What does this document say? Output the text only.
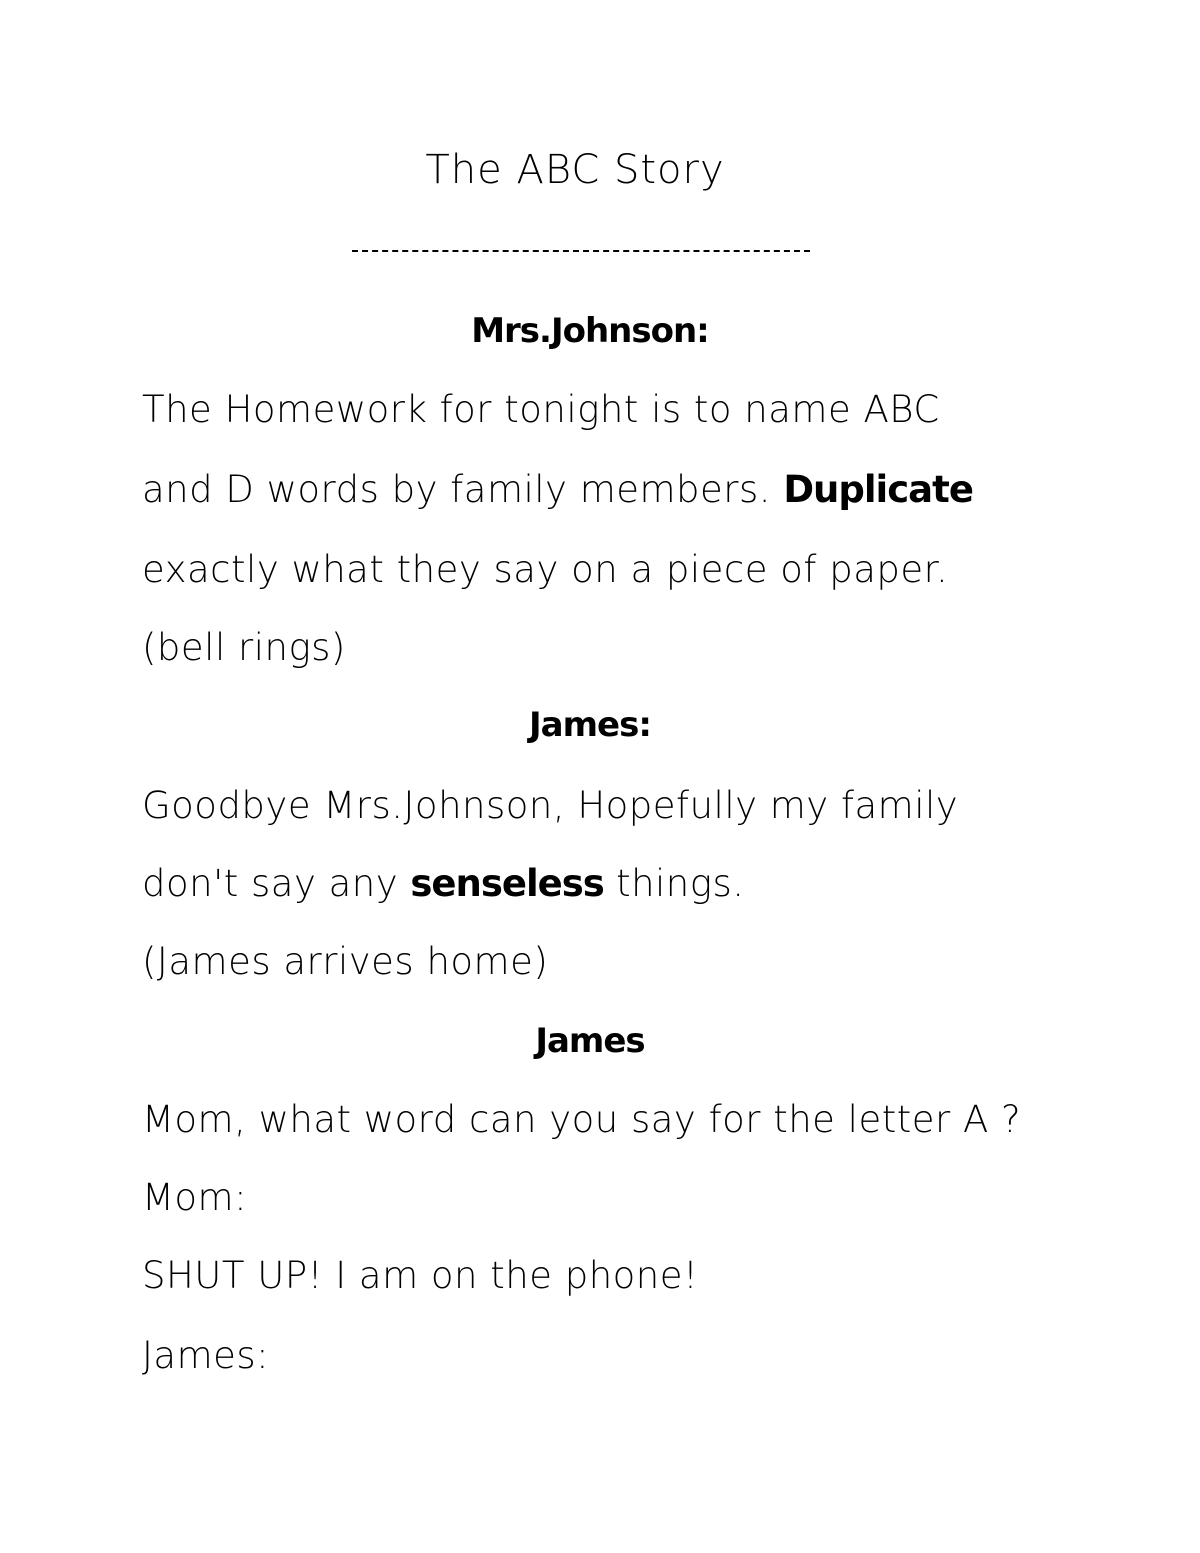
The ABC Story
Mrs.Johnson:
The Homework for tonight is to name ABC
and D words by family members. Duplicate
exactly what they say on a piece of paper.
(bell rings)
James:
Goodbye Mrs.Johnson, Hopefully my family
don't say any senseless things.
(James arrives home)
James
Mom, what word can you say for the letter A ?
Mom:
SHUT UP! I am on the phone!
James:
